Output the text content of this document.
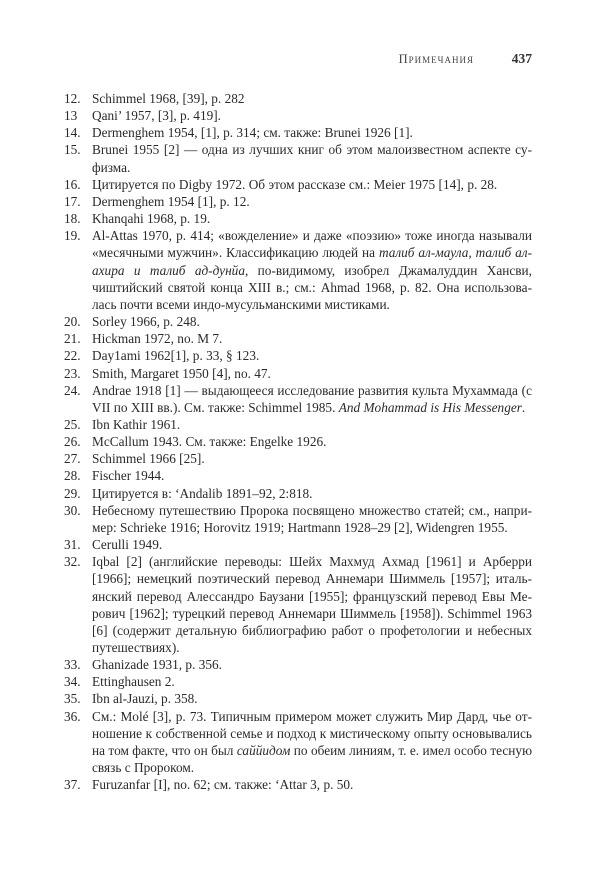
Примечания	437
12. Schimmel 1968, [39], p. 282
13 Qani’ 1957, [3], p. 419].
14. Dermenghem 1954, [1], p. 314; см. также: Brunei 1926 [1].
15. Brunei 1955 [2] — одна из лучших книг об этом малоизвестном аспекте суфизма.
16. Цитируется по Digby 1972. Об этом рассказе см.: Meier 1975 [14], p. 28.
17. Dermenghem 1954 [1], p. 12.
18. Khanqahi 1968, p. 19.
19. Al-Attas 1970, p. 414; «вожделение» и даже «поэзию» тоже иногда называли «месячными мужчин». Классификацию людей на талиб ал-маула, талиб ал-ахира и талиб ад-дунйа, по-видимому, изобрел Джамалуддин Хансви, чиштийский святой конца XIII в.; см.: Ahmad 1968, p. 82. Она использовалась почти всеми индо-мусульманскими мистиками.
20. Sorley 1966, p. 248.
21. Hickman 1972, no. M 7.
22. Day1ami 1962[1], p. 33, § 123.
23. Smith, Margaret 1950 [4], no. 47.
24. Andrae 1918 [1] — выдающееся исследование развития культа Мухаммада (с VII по XIII вв.). См. также: Schimmel 1985. And Mohammad is His Messenger.
25. Ibn Kathir 1961.
26. McCallum 1943. См. также: Engelke 1926.
27. Schimmel 1966 [25].
28. Fischer 1944.
29. Цитируется в: ‘Andalib 1891–92, 2:818.
30. Небесному путешествию Пророка посвящено множество статей; см., например: Schrieke 1916; Horovitz 1919; Hartmann 1928–29 [2], Widengren 1955.
31. Cerulli 1949.
32. Iqbal [2] (английские переводы: Шейх Махмуд Ахмад [1961] и Арберри [1966]; немецкий поэтический перевод Аннемари Шиммель [1957]; итальянский перевод Алессандро Баузани [1955]; французский перевод Евы Мерович [1962]; турецкий перевод Аннемари Шиммель [1958]). Schimmel 1963 [6] (содержит детальную библиографию работ о профетологии и небесных путешествиях).
33. Ghanizade 1931, p. 356.
34. Ettinghausen 2.
35. Ibn al-Jauzi, p. 358.
36. См.: Molé [3], p. 73. Типичным примером может служить Мир Дард, чье отношение к собственной семье и подход к мистическому опыту основывались на том факте, что он был саййидом по обеим линиям, т. е. имел особо тесную связь с Пророком.
37. Furuzanfar [I], no. 62; см. также: ‘Attar 3, p. 50.
